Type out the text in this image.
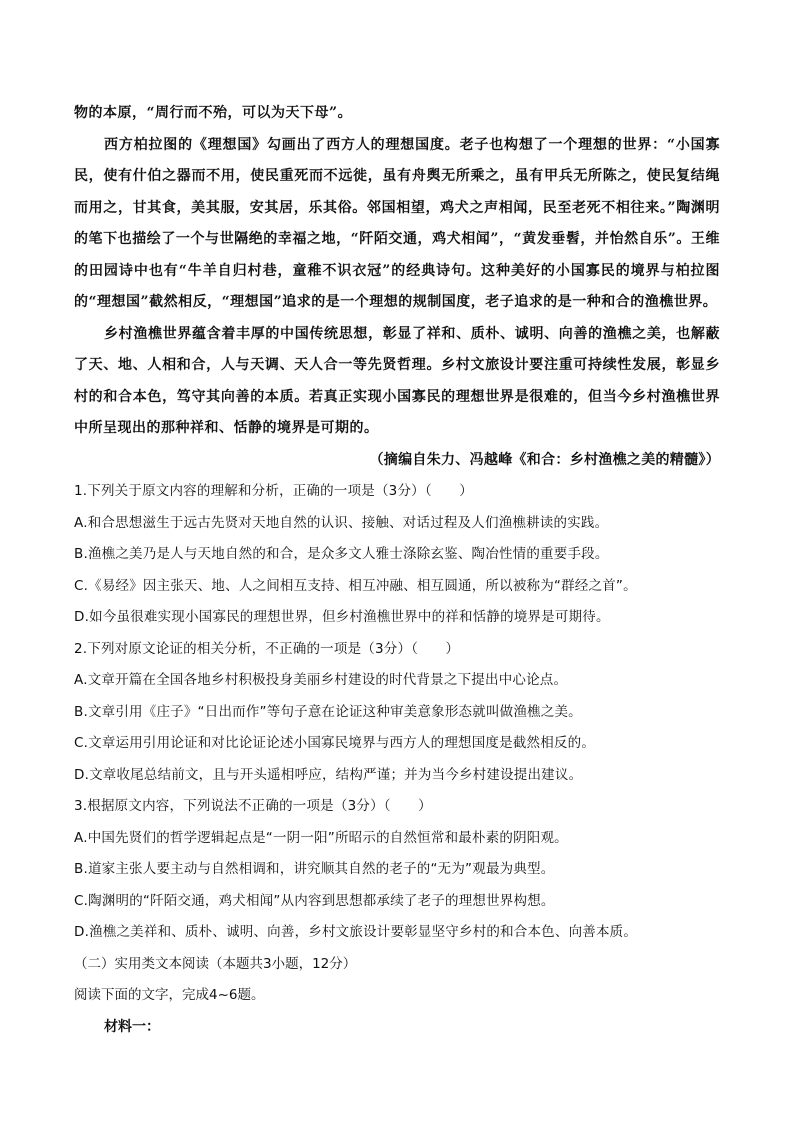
物的本原，“周行而不殆，可以为天下母”。

西方柏拉图的《理想国》勾画出了西方人的理想国度。老子也构想了一个理想的世界：“小国寡民，使有什伯之器而不用，使民重死而不远徙，虽有舟舆无所乘之，虽有甲兵无所陈之，使民复结绳而用之，甘其食，美其服，安其居，乐其俗。邻国相望，鸡犬之声相闻，民至老死不相往来。”陶渊明的笔下也描绘了一个与世隔绝的幸福之地，“阡陌交通，鸡犬相闻”，“黄发垂髫，并怡然自乐”。王维的田园诗中也有“牛羊自归村巷，童稚不识衣冠”的经典诗句。这种美好的小国寡民的境界与柏拉图的“理想国”截然相反，“理想国”追求的是一个理想的规制国度，老子追求的是一种和合的渔樵世界。

乡村渔樵世界蕴含着丰厚的中国传统思想，彰显了祥和、质朴、诚明、向善的渔樵之美，也解蔽了天、地、人相和合，人与天调、天人合一等先贤哲理。乡村文旅设计要注重可持续性发展，彰显乡村的和合本色，笃守其向善的本质。若真正实现小国寡民的理想世界是很难的，但当今乡村渔樵世界中所呈现出的那种祥和、恬静的境界是可期的。

（摘编自朱力、冯越峰《和合：乡村渔樵之美的精髓》）

1.下列关于原文内容的理解和分析，正确的一项是（3分）（　　）

A.和合思想滋生于远古先贤对天地自然的认识、接触、对话过程及人们渔樵耕读的实践。

B.渔樵之美乃是人与天地自然的和合，是众多文人雅士涤除玄鉴、陶冶性情的重要手段。

C.《易经》因主张天、地、人之间相互支持、相互冲融、相互圆通，所以被称为“群经之首”。

D.如今虽很难实现小国寡民的理想世界，但乡村渔樵世界中的祥和恬静的境界是可期待。

2.下列对原文论证的相关分析，不正确的一项是（3分）（　　）

A.文章开篇在全国各地乡村积极投身美丽乡村建设的时代背景之下提出中心论点。

B.文章引用《庄子》“日出而作”等句子意在论证这种审美意象形态就叫做渔樵之美。

C.文章运用引用论证和对比论证论述小国寡民境界与西方人的理想国度是截然相反的。

D.文章收尾总结前文，且与开头遥相呼应，结构严谨；并为当今乡村建设提出建议。

3.根据原文内容，下列说法不正确的一项是（3分）（　　）

A.中国先贤们的哲学逻辑起点是“一阴一阳”所昭示的自然恒常和最朴素的阴阳观。

B.道家主张人要主动与自然相调和，讲究顺其自然的老子的“无为”观最为典型。

C.陶渊明的“阡陌交通，鸡犬相闻”从内容到思想都承续了老子的理想世界构想。

D.渔樵之美祥和、质朴、诚明、向善，乡村文旅设计要彰显坚守乡村的和合本色、向善本质。

（二）实用类文本阅读（本题共3小题，12分）

阅读下面的文字，完成4~6题。

材料一：
